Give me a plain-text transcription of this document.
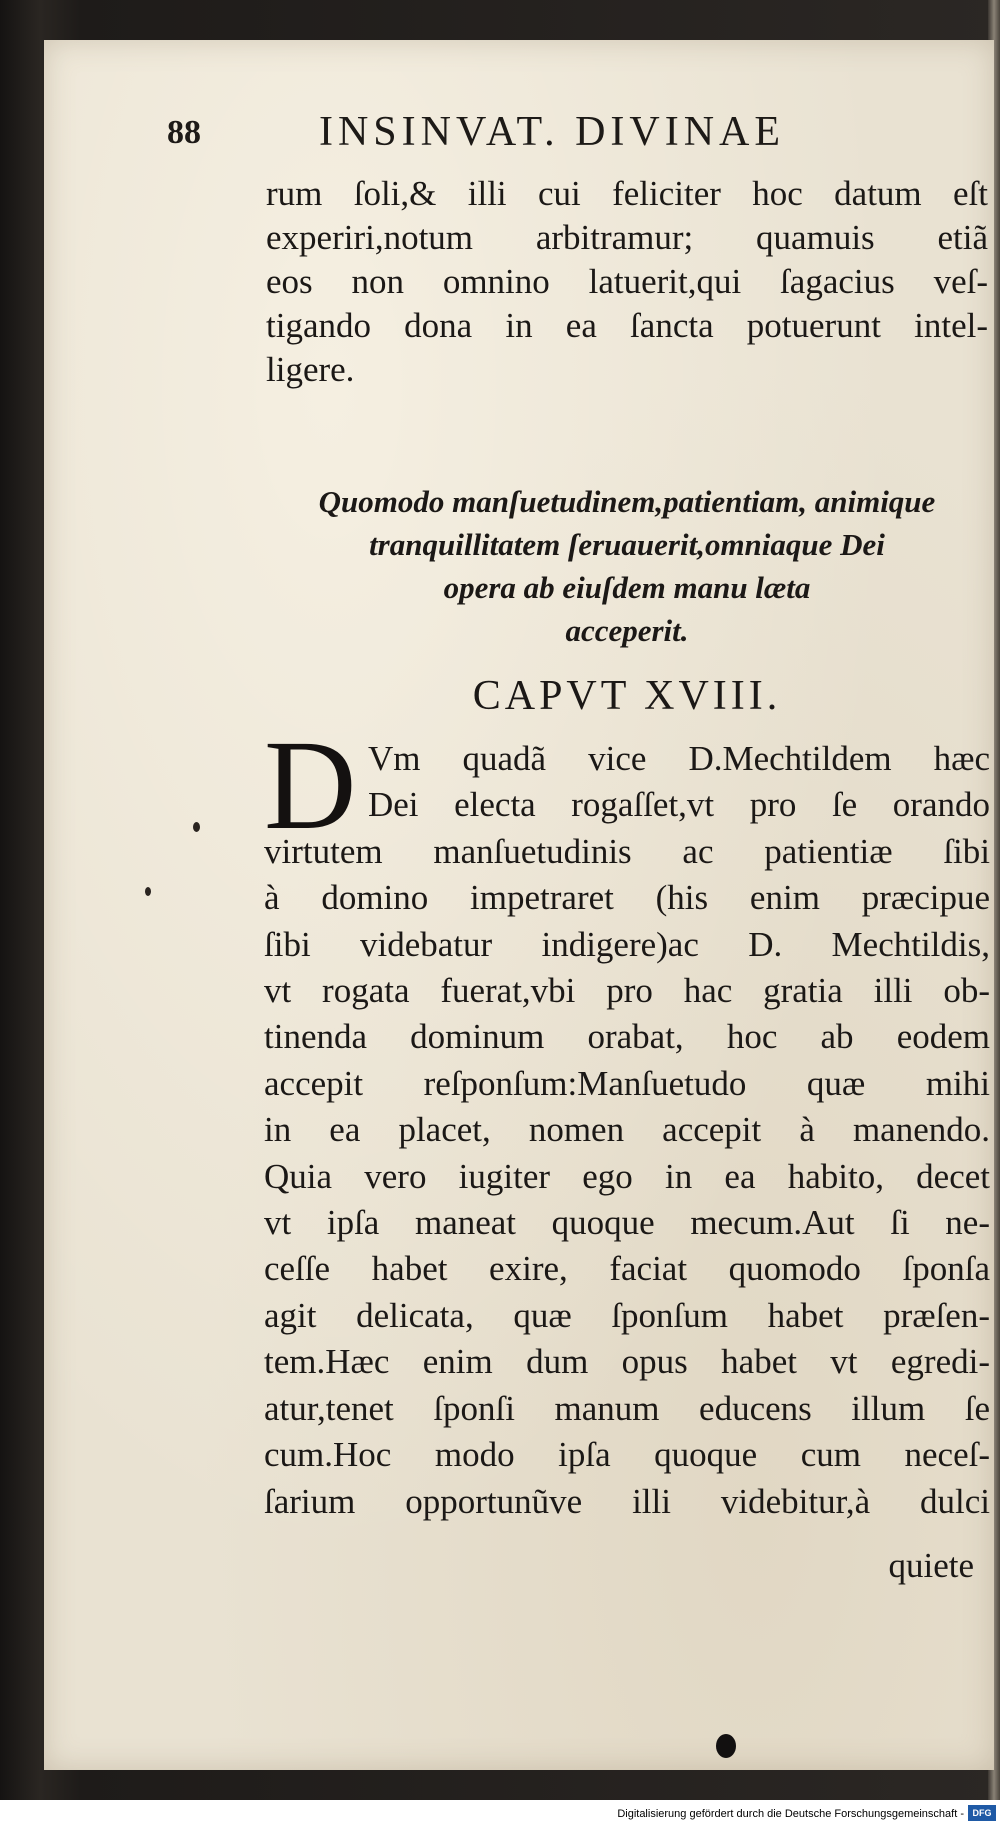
88	INSINVAT. DIVINAE
rum ſoli,& illi cui feliciter hoc datum eſt
experiri,notum arbitramur; quamuis etiã
eos non omnino latuerit,qui ſagacius veſ-
tigando dona in ea ſancta potuerunt intel-
ligere.
Quomodo manſuetudinem,patientiam, animique
tranquillitatem ſeruauerit,omniaque Dei
opera ab eiuſdem manu læta
acceperit.
CAPVT XVIII.
D Vm quadã vice D.Mechtildem hæc
Dei electa rogaſſet,vt pro ſe orando
virtutem manſuetudinis ac patientiæ ſibi
à domino impetraret (his enim præcipue
ſibi videbatur indigere)ac D. Mechtildis,
vt rogata fuerat,vbi pro hac gratia illi ob-
tinenda dominum orabat, hoc ab eodem
accepit reſponſum:Manſuetudo quæ mihi
in ea placet, nomen accepit à manendo.
Quia vero iugiter ego in ea habito, decet
vt ipſa maneat quoque mecum.Aut ſi ne-
ceſſe habet exire, faciat quomodo ſponſa
agit delicata, quæ ſponſum habet præſen-
tem.Hæc enim dum opus habet vt egredi-
atur,tenet ſponſi manum educens illum ſe
cum.Hoc modo ipſa quoque cum neceſ-
ſarium opportunũve illi videbitur,à dulci
quiete
Digitalisierung gefördert durch die Deutsche Forschungsgemeinschaft - DFG
